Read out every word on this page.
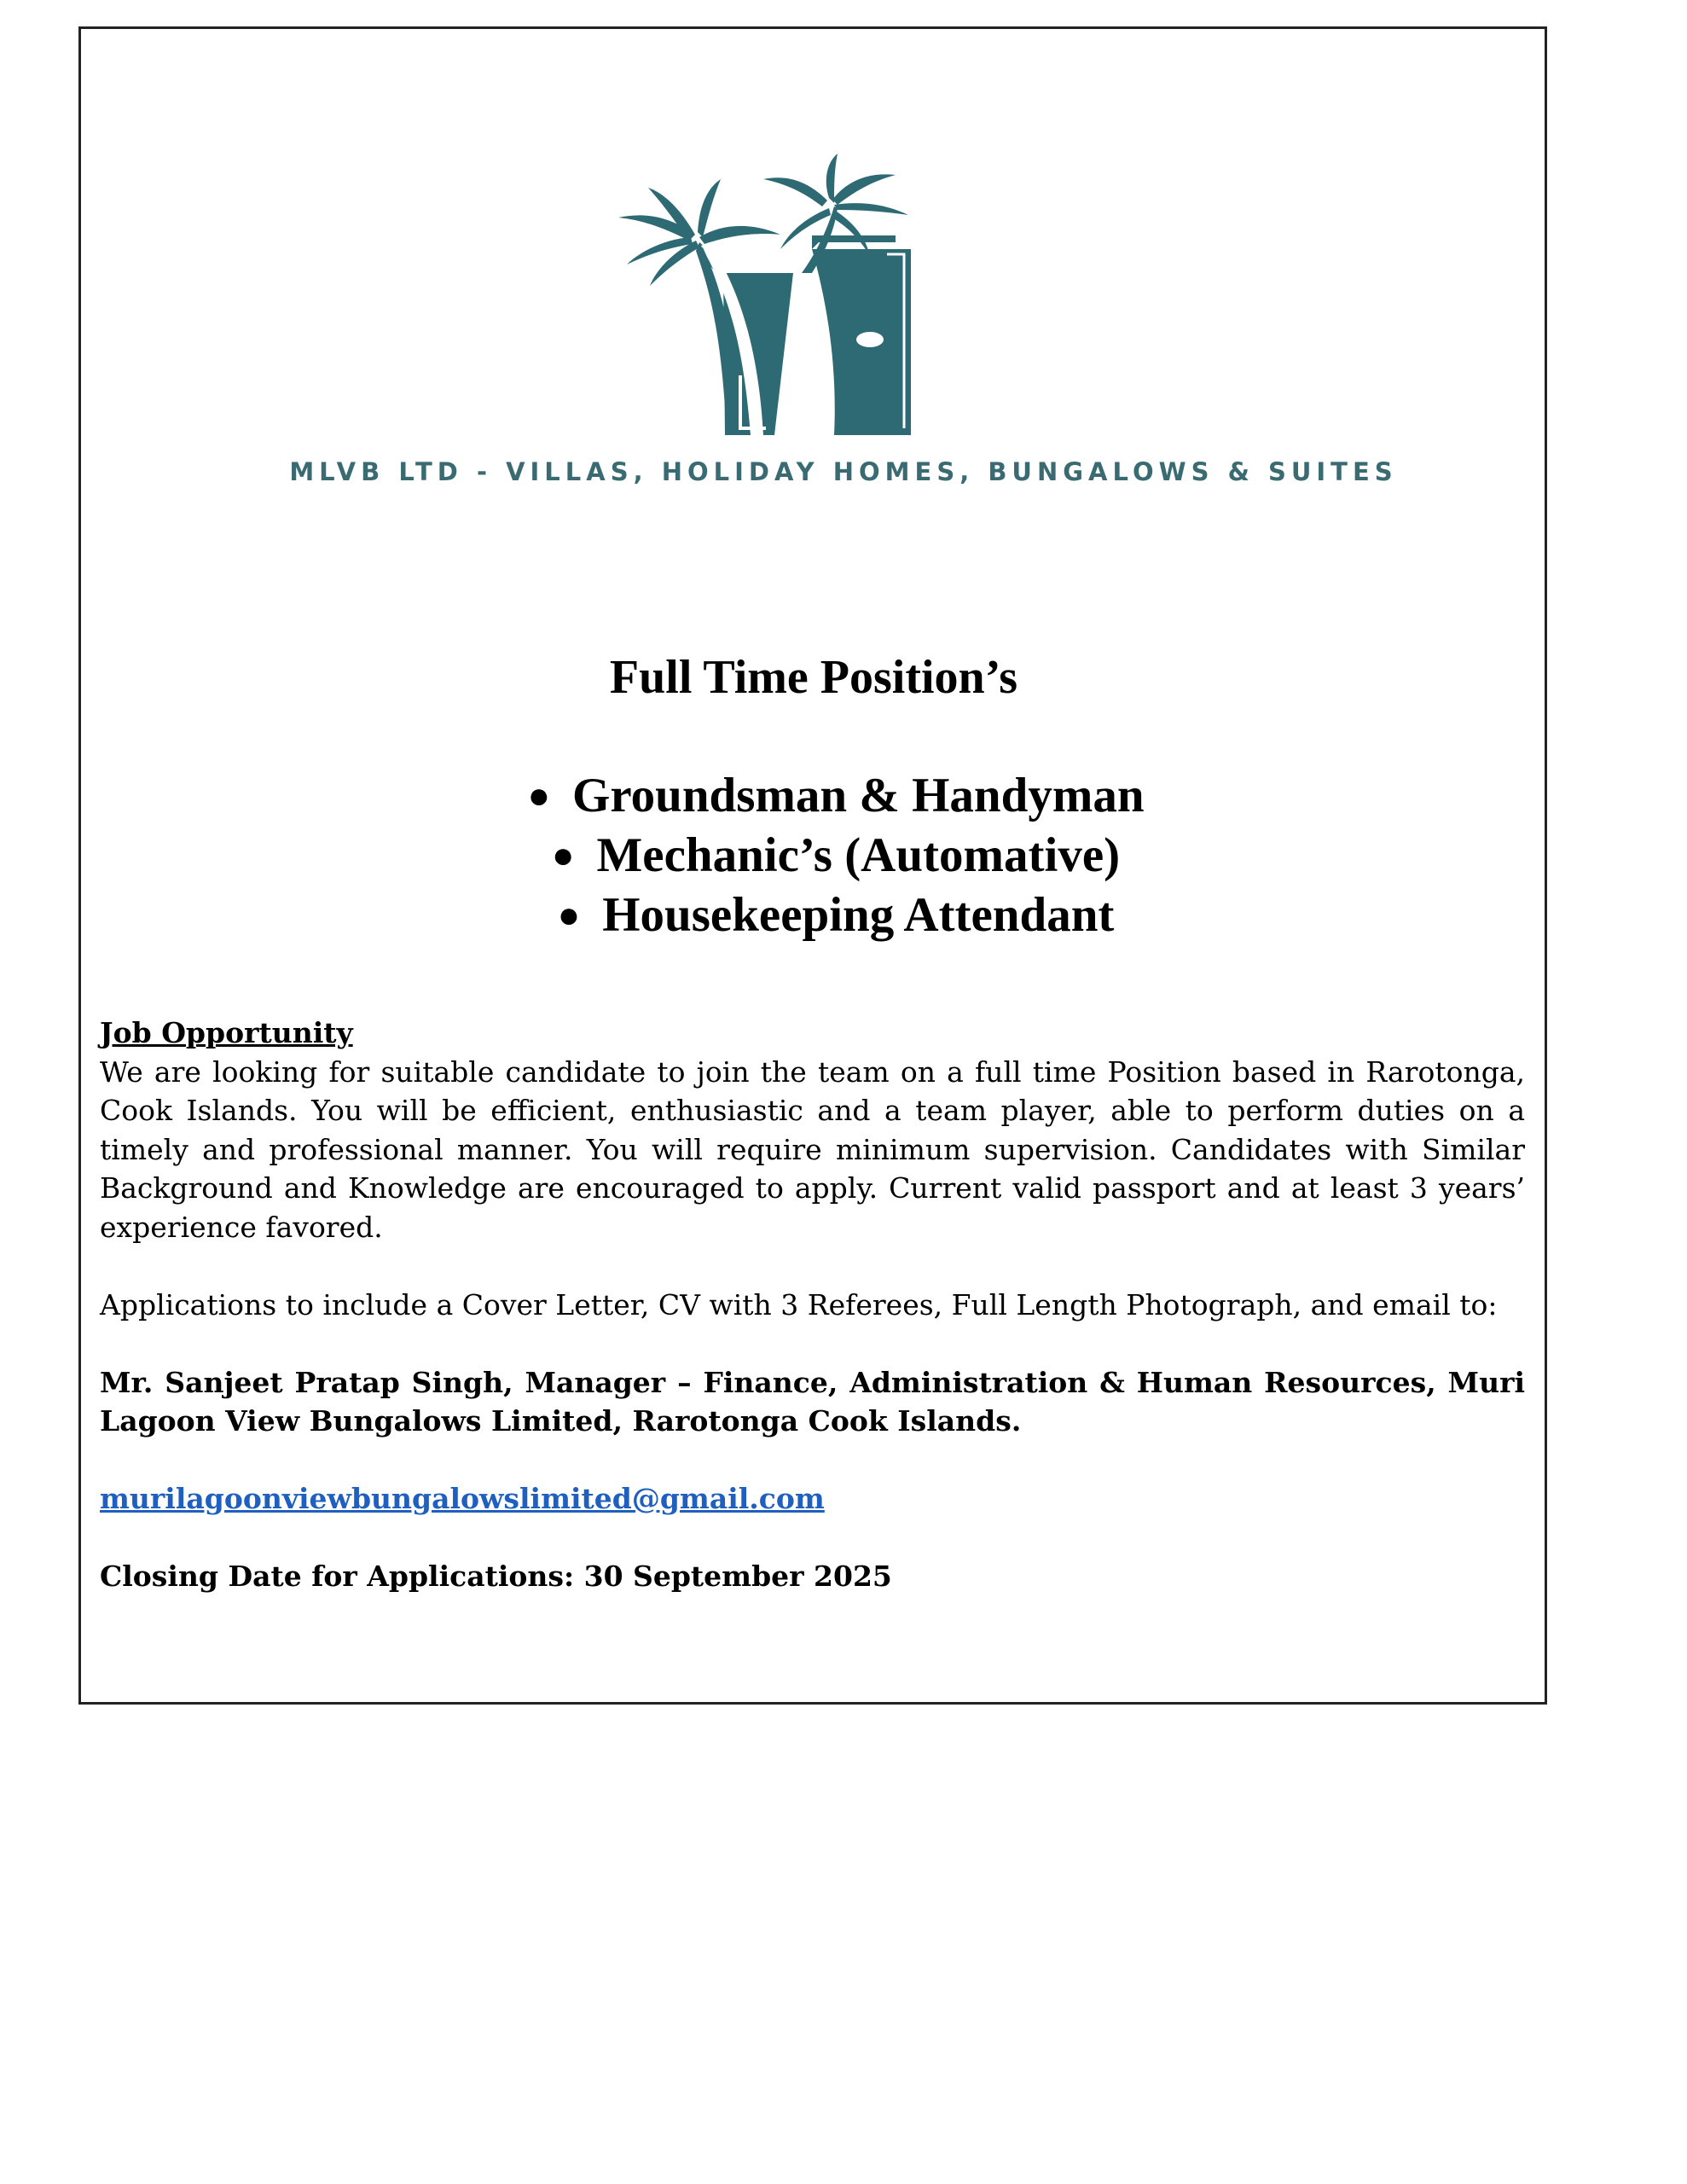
MLVB LTD - VILLAS, HOLIDAY HOMES, BUNGALOWS & SUITES
Full Time Position’s
● Groundsman & Handyman
● Mechanic’s (Automative)
● Housekeeping Attendant

Job Opportunity

We are looking for suitable candidate to join the team on a full time Position based in Rarotonga, Cook Islands. You will be efficient, enthusiastic and a team player, able to perform duties on a timely and professional manner. You will require minimum supervision. Candidates with Similar Background and Knowledge are encouraged to apply. Current valid passport and at least 3 years’ experience favored.

Applications to include a Cover Letter, CV with 3 Referees, Full Length Photograph, and email to:

Mr. Sanjeet Pratap Singh, Manager – Finance, Administration & Human Resources, Muri Lagoon View Bungalows Limited, Rarotonga Cook Islands.

murilagoonviewbungalowslimited@gmail.com

Closing Date for Applications: 30 September 2025
